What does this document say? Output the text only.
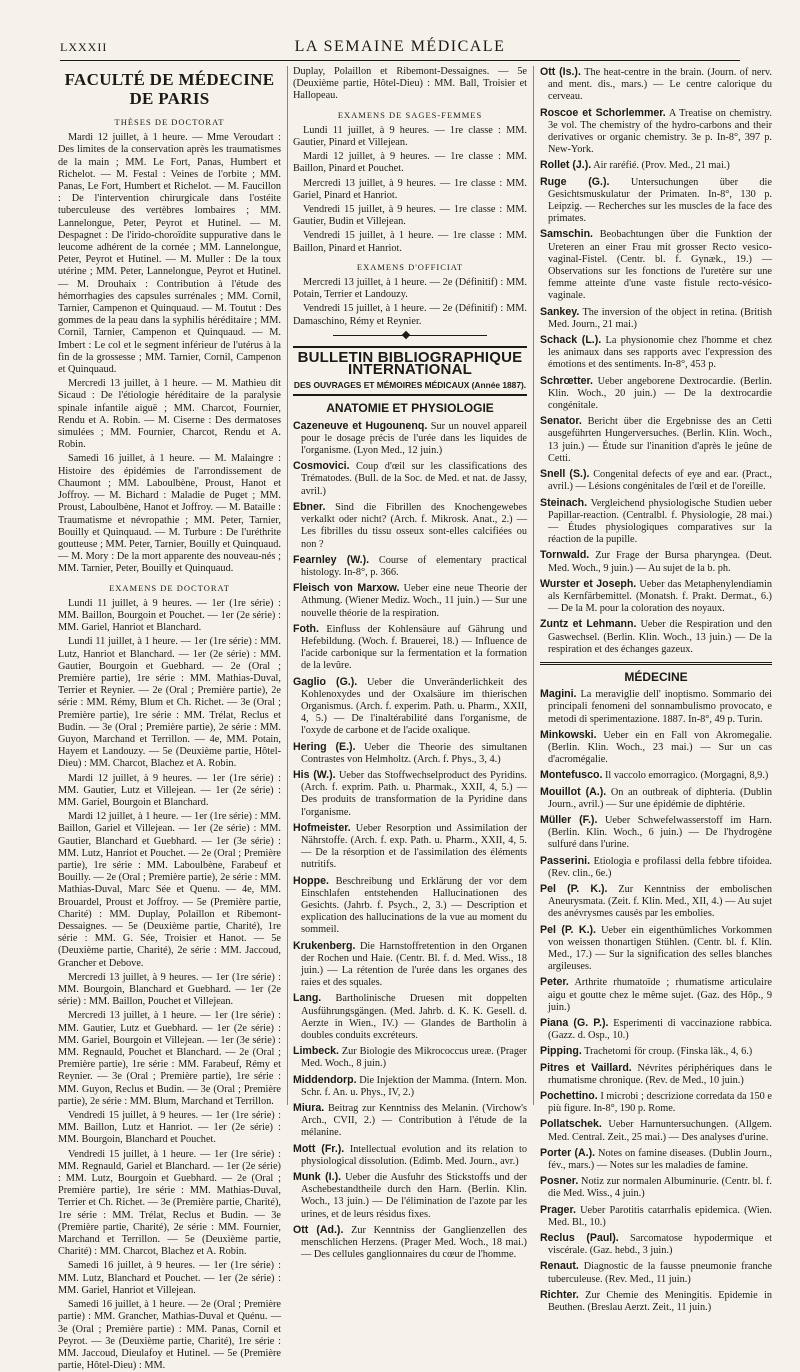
LXXXII	LA SEMAINE MÉDICALE
FACULTÉ DE MÉDECINE DE PARIS
THÈSES DE DOCTORAT

Mardi 12 juillet, à 1 heure. — Mme Veroudart : Des limites de la conservation après les traumatismes de la main ; MM. Le Fort, Panas, Humbert et Richelot. — M. Festal : Veines de l'orbite ; MM. Panas, Le Fort, Humbert et Richelot. — M. Faucillon : De l'intervention chirurgicale dans l'ostéite tuberculeuse des vertèbres lombaires ; MM. Lannelongue, Peter, Peyrot et Hutinel. — M. Despagnet : De l'irido-choroïdite suppurative dans le leucome adhérent de la cornée ; MM. Lannelongue, Peter, Peyrot et Hutinel. — M. Muller : De la toux utérine ; MM. Peter, Lannelongue, Peyrot et Hutinel. — M. Drouhaix : Contribution à l'étude des hémorrhagies des capsules surrénales ; MM. Cornil, Tarnier, Campenon et Quinquaud. — M. Toutut : Des gommes de la peau dans la syphilis héréditaire ; MM. Cornil, Tarnier, Campenon et Quinquaud. — M. Imbert : Le col et le segment inférieur de l'utérus à la fin de la grossesse ; MM. Tarnier, Cornil, Campenon et Quinquaud.

Mercredi 13 juillet, à 1 heure. — M. Mathieu dit Sicaud : De l'étiologie héréditaire de la paralysie spinale infantile aiguë ; MM. Charcot, Fournier, Rendu et A. Robin. — M. Ciserne : Des dermatoses simulées ; MM. Fournier, Charcot, Rendu et A. Robin.

Samedi 16 juillet, à 1 heure. — M. Malaingre : Histoire des épidémies de l'arrondissement de Chaumont ; MM. Laboulbène, Proust, Hanot et Joffroy. — M. Bichard : Maladie de Puget ; MM. Proust, Laboulbène, Hanot et Joffroy. — M. Bataille : Traumatisme et névropathie ; MM. Peter, Tarnier, Bouilly et Quinquaud. — M. Turbure : De l'uréthrite goutteuse ; MM. Peter, Tarnier, Bouilly et Quinquaud. — M. Mory : De la mort apparente des nouveau-nés ; MM. Tarnier, Peter, Bouilly et Quinquaud.

EXAMENS DE DOCTORAT

Lundi 11 juillet, à 9 heures. — 1er (1re série) : MM. Baillon, Bourgoin et Pouchet. — 1er (2e série) : MM. Gariel, Hanriot et Blanchard.

Lundi 11 juillet, à 1 heure. — 1er (1re série) : MM. Lutz, Hanriot et Blanchard. — 1er (2e série) : MM. Gautier, Bourgoin et Guebhard. — 2e (Oral ; Première partie), 1re série : MM. Mathias-Duval, Terrier et Reynier. — 2e (Oral ; Première partie), 2e série : MM. Rémy, Blum et Ch. Richet. — 3e (Oral ; Première partie), 1re série : MM. Trélat, Reclus et Budin. — 3e (Oral ; Première partie), 2e série : MM. Guyon, Marchand et Terrillon. — 4e, MM. Potain, Hayem et Landouzy. — 5e (Deuxième partie, Hôtel-Dieu) : MM. Charcot, Blachez et A. Robin.

Mardi 12 juillet, à 9 heures. — 1er (1re série) : MM. Gautier, Lutz et Villejean. — 1er (2e série) : MM. Gariel, Bourgoin et Blanchard.

Mardi 12 juillet, à 1 heure. — 1er (1re série) : MM. Baillon, Gariel et Villejean. — 1er (2e série) : MM. Gautier, Blanchard et Guebhard. — 1er (3e série) : MM. Lutz, Hanriot et Pouchet. — 2e (Oral ; Première partie), 1re série : MM. Laboulbène, Farabeuf et Bouilly. — 2e (Oral ; Première partie), 2e série : MM. Mathias-Duval, Marc Sée et Quenu. — 4e, MM. Brouardel, Proust et Joffroy. — 5e (Première partie, Charité) : MM. Duplay, Polaillon et Ribemont-Dessaignes. — 5e (Deuxième partie, Charité), 1re série : MM. G. Sée, Troisier et Hanot. — 5e (Deuxième partie, Charité), 2e série : MM. Jaccoud, Grancher et Debove.

Mercredi 13 juillet, à 9 heures. — 1er (1re série) : MM. Bourgoin, Blanchard et Guebhard. — 1er (2e série) : MM. Baillon, Pouchet et Villejean.

Mercredi 13 juillet, à 1 heure. — 1er (1re série) : MM. Gautier, Lutz et Guebhard. — 1er (2e série) : MM. Gariel, Bourgoin et Villejean. — 1er (3e série) : MM. Regnauld, Pouchet et Blanchard. — 2e (Oral ; Première partie), 1re série : MM. Farabeuf, Rémy et Reynier. — 3e (Oral ; Première partie), 1re série : MM. Guyon, Reclus et Budin. — 3e (Oral ; Première partie), 2e série : MM. Blum, Marchand et Terrillon.

Vendredi 15 juillet, à 9 heures. — 1er (1re série) : MM. Baillon, Lutz et Hanriot. — 1er (2e série) : MM. Bourgoin, Blanchard et Pouchet.

Vendredi 15 juillet, à 1 heure. — 1er (1re série) : MM. Regnauld, Gariel et Blanchard. — 1er (2e série) : MM. Lutz, Bourgoin et Guebhard. — 2e (Oral ; Première partie), 1re série : MM. Mathias-Duval, Terrier et Ch. Richet. — 3e (Première partie, Charité), 1re série : MM. Trélat, Reclus et Budin. — 3e (Première partie, Charité), 2e série : MM. Fournier, Marchand et Terrillon. — 5e (Deuxième partie, Charité) : MM. Charcot, Blachez et A. Robin.

Samedi 16 juillet, à 9 heures. — 1er (1re série) : MM. Lutz, Blanchard et Pouchet. — 1er (2e série) : MM. Gariel, Hanriot et Villejean.

Samedi 16 juillet, à 1 heure. — 2e (Oral ; Première partie) : MM. Grancher, Mathias-Duval et Quénu. — 3e (Oral ; Première partie) : MM. Panas, Cornil et Peyrot. — 3e (Deuxième partie, Charité), 1re série : MM. Jaccoud, Dieulafoy et Hutinel. — 5e (Première partie, Hôtel-Dieu) : MM.

Duplay, Polaillon et Ribemont-Dessaignes. — 5e (Deuxième partie, Hôtel-Dieu) : MM. Ball, Troisier et Hallopeau.

EXAMENS DE SAGES-FEMMES

Lundi 11 juillet, à 9 heures. — 1re classe : MM. Gautier, Pinard et Villejean.

Mardi 12 juillet, à 9 heures. — 1re classe : MM. Baillon, Pinard et Pouchet.

Mercredi 13 juillet, à 9 heures. — 1re classe : MM. Gariel, Pinard et Hanriot.

Vendredi 15 juillet, à 9 heures. — 1re classe : MM. Gautier, Budin et Villejean.

Vendredi 15 juillet, à 1 heure. — 1re classe : MM. Baillon, Pinard et Hanriot.

EXAMENS D'OFFICIAT

Mercredi 13 juillet, à 1 heure. — 2e (Définitif) : MM. Potain, Terrier et Landouzy.

Vendredi 15 juillet, à 1 heure. — 2e (Définitif) : MM. Damaschino, Rémy et Reynier.

BULLETIN BIBLIOGRAPHIQUE INTERNATIONAL
DES OUVRAGES ET MÉMOIRES MÉDICAUX (Année 1887).
ANATOMIE ET PHYSIOLOGIE

Cazeneuve et Hugounenq. Sur un nouvel appareil pour le dosage précis de l'urée dans les liquides de l'organisme. (Lyon Med., 12 juin.)

Cosmovici. Coup d'œil sur les classifications des Trématodes. (Bull. de la Soc. de Med. et nat. de Jassy, avril.)

Ebner. Sind die Fibrillen des Knochengewebes verkalkt oder nicht? (Arch. f. Mikrosk. Anat., 2.) — Les fibrilles du tissu osseux sont-elles calcifiées ou non ?

Fearnley (W.). Course of elementary practical histology. In-8°, p. 366.

Fleisch von Marxow. Ueber eine neue Theorie der Athmung. (Wiener Mediz. Woch., 11 juin.) — Sur une nouvelle théorie de la respiration.

Foth. Einfluss der Kohlensäure auf Gährung und Hefebildung. (Woch. f. Brauerei, 18.) — Influence de l'acide carbonique sur la fermentation et la formation de la levûre.

Gaglio (G.). Ueber die Unveränderlichkeit des Kohlenoxydes und der Oxalsäure im thierischen Organismus. (Arch. f. experim. Path. u. Pharm., XXII, 4, 5.) — De l'inaltérabilité dans l'organisme, de l'oxyde de carbone et de l'acide oxalique.

Hering (E.). Ueber die Theorie des simultanen Contrastes von Helmholtz. (Arch. f. Phys., 3, 4.)

His (W.). Ueber das Stoffwechselproduct des Pyridins. (Arch. f. exprim. Path. u. Pharmak., XXII, 4, 5.) — Des produits de transformation de la Pyridine dans l'organisme.

Hofmeister. Ueber Resorption und Assimilation der Nährstoffe. (Arch. f. exp. Path. u. Pharm., XXII, 4, 5. — De la résorption et de l'assimilation des éléments nutritifs.

Hoppe. Beschreibung und Erklärung der vor dem Einschlafen entstehenden Hallucinationen des Gesichts. (Jahrb. f. Psych., 2, 3.) — Description et explication des hallucinations de la vue au moment du sommeil.

Krukenberg. Die Harnstoffretention in den Organen der Rochen und Haie. (Centr. Bl. f. d. Med. Wiss., 18 juin.) — La rétention de l'urée dans les organes des raies et des squales.

Lang. Bartholinische Druesen mit doppelten Ausführungsgängen. (Med. Jahrb. d. K. K. Gesell. d. Aerzte in Wien., IV.) — Glandes de Bartholin à doubles conduits excréteurs.

Limbeck. Zur Biologie des Mikrococcus ureæ. (Prager Med. Woch., 8 juin.)

Middendorp. Die Injektion der Mamma. (Intern. Mon. Schr. f. An. u. Phys., IV, 2.)

Miura. Beitrag zur Kenntniss des Melanin. (Virchow's Arch., CVII, 2.) — Contribution à l'étude de la mélanine.

Mott (Fr.). Intellectual evolution and its relation to physiological dissolution. (Edimb. Med. Journ., avr.)

Munk (I.). Ueber die Ausfuhr des Stickstoffs und der Aschebestandtheile durch den Harn. (Berlin. Klin. Woch., 13 juin.) — De l'élimination de l'azote par les urines, et de leurs résidus fixes.

Ott (Ad.). Zur Kenntniss der Ganglienzellen des menschlichen Herzens. (Prager Med. Woch., 18 mai.) — Des cellules ganglionnaires du cœur de l'homme.

Ott (Is.). The heat-centre in the brain. (Journ. of nerv. and ment. dis., mars.) — Le centre calorique du cerveau.

Roscoe et Schorlemmer. A Treatise on chemistry. 3e vol. The chemistry of the hydro-carbons and their derivatives or organic chemistry. 3e p. In-8°, 397 p. New-York.

Rollet (J.). Air raréfié. (Prov. Med., 21 mai.)

Ruge (G.). Untersuchungen über die Gesichtsmuskulatur der Primaten. In-8°, 130 p. Leipzig. — Recherches sur les muscles de la face des primates.

Samschin. Beobachtungen über die Funktion der Ureteren an einer Frau mit grosser Recto vesico-vaginal-Fistel. (Centr. bl. f. Gynæk., 19.) — Observations sur les fonctions de l'uretère sur une femme atteinte d'une vaste fistule recto-vésico-vaginale.

Sankey. The inversion of the object in retina. (British Med. Journ., 21 mai.)

Schack (L.). La physionomie chez l'homme et chez les animaux dans ses rapports avec l'expression des émotions et des sentiments. In-8°, 453 p.

Schrœtter. Ueber angeborene Dextrocardie. (Berlin. Klin. Woch., 20 juin.) — De la dextrocardie congénitale.

Senator. Bericht über die Ergebnisse des an Cetti ausgeführten Hungerversuches. (Berlin. Klin. Woch., 13 juin.) — Étude sur l'inanition d'après le jeûne de Cetti.

Snell (S.). Congenital defects of eye and ear. (Pract., avril.) — Lésions congénitales de l'œil et de l'oreille.

Steinach. Vergleichend physiologische Studien ueber Papillar-reaction. (Centralbl. f. Physiologie, 28 mai.) — Études physiologiques comparatives sur la réaction de la pupille.

Tornwald. Zur Frage der Bursa pharyngea. (Deut. Med. Woch., 9 juin.) — Au sujet de la b. ph.

Wurster et Joseph. Ueber das Metaphenylendiamin als Kernfärbemittel. (Monatsh. f. Prakt. Dermat., 6.) — De la M. pour la coloration des noyaux.

Zuntz et Lehmann. Ueber die Respiration und den Gaswechsel. (Berlin. Klin. Woch., 13 juin.) — De la respiration et des échanges gazeux.

MÉDECINE

Magini. La meraviglie dell' inoptismo. Sommario dei principali fenomeni del sonnambulismo provocato, e metodi di sperimentazione. 1887. In-8°, 49 p. Turin.

Minkowski. Ueber ein en Fall von Akromegalie. (Berlin. Klin. Woch., 23 mai.) — Sur un cas d'acromégalie.

Montefusco. Il vaccolo emorragico. (Morgagni, 8,9.)

Mouillot (A.). On an outbreak of diphteria. (Dublin Journ., avril.) — Sur une épidémie de diphtérie.

Müller (F.). Ueber Schwefelwasserstoff im Harn. (Berlin. Klin. Woch., 6 juin.) — De l'hydrogène sulfuré dans l'urine.

Passerini. Etiologia e profilassi della febbre tifoidea. (Rev. clin., 6e.)

Pel (P. K.). Zur Kenntniss der embolischen Aneurysmata. (Zeit. f. Klin. Med., XII, 4.) — Au sujet des anévrysmes causés par les embolies.

Pel (P. K.). Ueber ein eigenthümliches Vorkommen von weissen thonartigen Stühlen. (Centr. bl. f. Klin. Med., 17.) — Sur la signification des selles blanches argileuses.

Peter. Arthrite rhumatoïde ; rhumatisme articulaire aigu et goutte chez le même sujet. (Gaz. des Hôp., 9 juin.)

Piana (G. P.). Esperimenti di vaccinazione rabbica. (Gazz. d. Osp., 10.)

Pipping. Trachetomi för croup. (Finska läk., 4, 6.)

Pitres et Vaillard. Névrites périphériques dans le rhumatisme chronique. (Rev. de Med., 10 juin.)

Pochettino. I microbi ; descrizione corredata da 150 e più figure. In-8°, 190 p. Rome.

Pollatschek. Ueber Harnuntersuchungen. (Allgem. Med. Central. Zeit., 25 mai.) — Des analyses d'urine.

Porter (A.). Notes on famine diseases. (Dublin Journ., fév., mars.) — Notes sur les maladies de famine.

Posner. Notiz zur normalen Albuminurie. (Centr. bl. f. die Med. Wiss., 4 juin.)

Prager. Ueber Parotitis catarrhalis epidemica. (Wien. Med. Bl., 10.)

Reclus (Paul). Sarcomatose hypodermique et viscérale. (Gaz. hebd., 3 juin.)

Renaut. Diagnostic de la fausse pneumonie franche tuberculeuse. (Rev. Med., 11 juin.)

Richter. Zur Chemie des Meningitis. Epidemie in Beuthen. (Breslau Aerzt. Zeit., 11 juin.)
